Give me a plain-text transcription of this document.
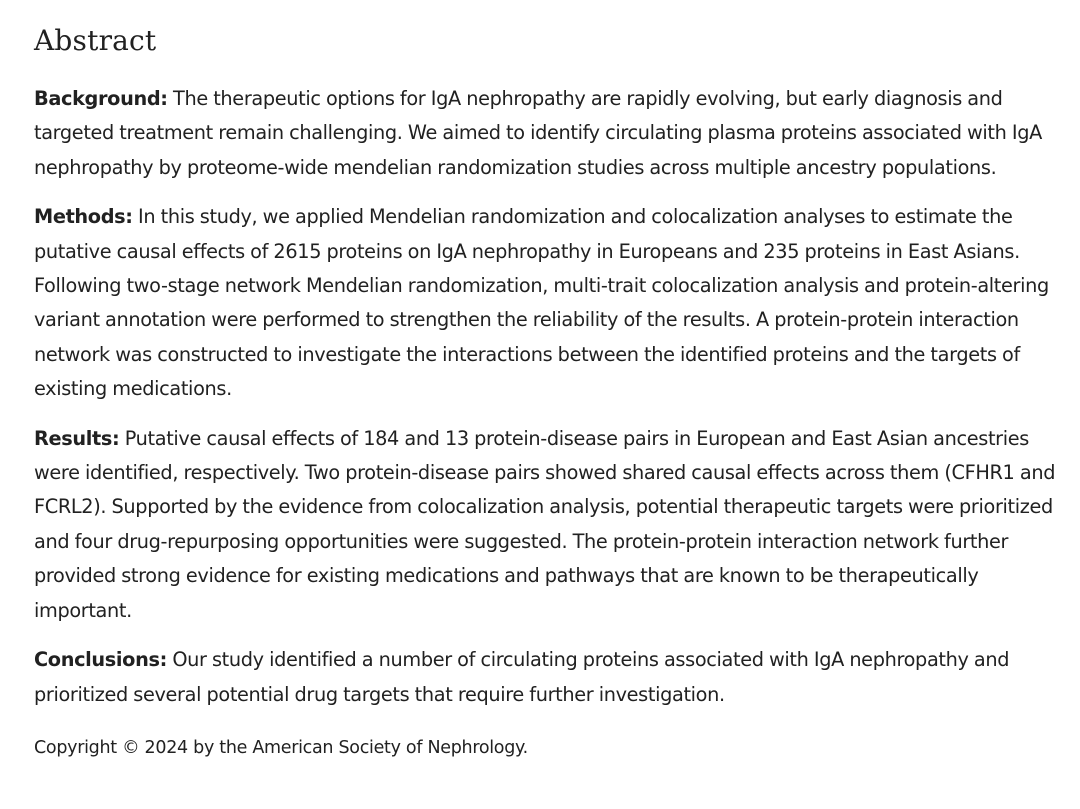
Abstract

Background: The therapeutic options for IgA nephropathy are rapidly evolving, but early diagnosis and targeted treatment remain challenging. We aimed to identify circulating plasma proteins associated with IgA nephropathy by proteome-wide mendelian randomization studies across multiple ancestry populations.

Methods: In this study, we applied Mendelian randomization and colocalization analyses to estimate the putative causal effects of 2615 proteins on IgA nephropathy in Europeans and 235 proteins in East Asians. Following two-stage network Mendelian randomization, multi-trait colocalization analysis and protein-altering variant annotation were performed to strengthen the reliability of the results. A protein-protein interaction network was constructed to investigate the interactions between the identified proteins and the targets of existing medications.

Results: Putative causal effects of 184 and 13 protein-disease pairs in European and East Asian ancestries were identified, respectively. Two protein-disease pairs showed shared causal effects across them (CFHR1 and FCRL2). Supported by the evidence from colocalization analysis, potential therapeutic targets were prioritized and four drug-repurposing opportunities were suggested. The protein-protein interaction network further provided strong evidence for existing medications and pathways that are known to be therapeutically important.

Conclusions: Our study identified a number of circulating proteins associated with IgA nephropathy and prioritized several potential drug targets that require further investigation.

Copyright © 2024 by the American Society of Nephrology.
